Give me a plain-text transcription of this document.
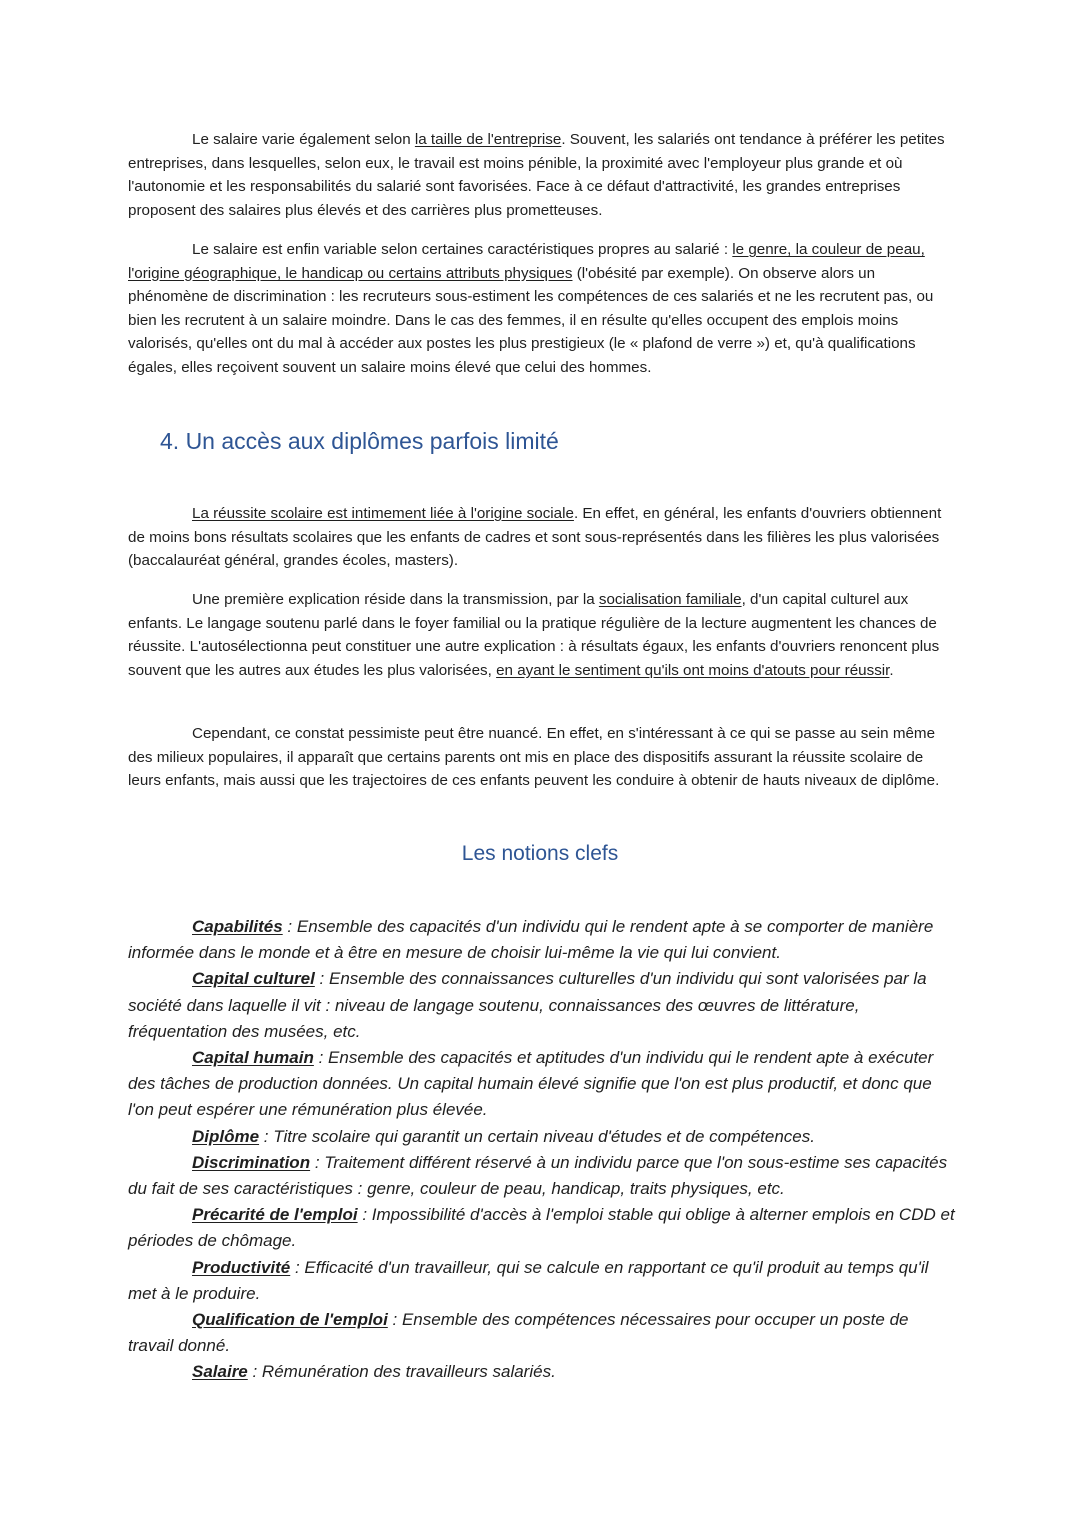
Le salaire varie également selon la taille de l'entreprise. Souvent, les salariés ont tendance à préférer les petites entreprises, dans lesquelles, selon eux, le travail est moins pénible, la proximité avec l'employeur plus grande et où l'autonomie et les responsabilités du salarié sont favorisées. Face à ce défaut d'attractivité, les grandes entreprises proposent des salaires plus élevés et des carrières plus prometteuses.

Le salaire est enfin variable selon certaines caractéristiques propres au salarié : le genre, la couleur de peau, l'origine géographique, le handicap ou certains attributs physiques (l'obésité par exemple). On observe alors un phénomène de discrimination : les recruteurs sous-estiment les compétences de ces salariés et ne les recrutent pas, ou bien les recrutent à un salaire moindre. Dans le cas des femmes, il en résulte qu'elles occupent des emplois moins valorisés, qu'elles ont du mal à accéder aux postes les plus prestigieux (le « plafond de verre ») et, qu'à qualifications égales, elles reçoivent souvent un salaire moins élevé que celui des hommes.

4. Un accès aux diplômes parfois limité

La réussite scolaire est intimement liée à l'origine sociale. En effet, en général, les enfants d'ouvriers obtiennent de moins bons résultats scolaires que les enfants de cadres et sont sous-représentés dans les filières les plus valorisées (baccalauréat général, grandes écoles, masters).

Une première explication réside dans la transmission, par la socialisation familiale, d'un capital culturel aux enfants. Le langage soutenu parlé dans le foyer familial ou la pratique régulière de la lecture augmentent les chances de réussite. L'autosélectionna peut constituer une autre explication : à résultats égaux, les enfants d'ouvriers renoncent plus souvent que les autres aux études les plus valorisées, en ayant le sentiment qu'ils ont moins d'atouts pour réussir.

Cependant, ce constat pessimiste peut être nuancé. En effet, en s'intéressant à ce qui se passe au sein même des milieux populaires, il apparaît que certains parents ont mis en place des dispositifs assurant la réussite scolaire de leurs enfants, mais aussi que les trajectoires de ces enfants peuvent les conduire à obtenir de hauts niveaux de diplôme.

Les notions clefs

Capabilités : Ensemble des capacités d'un individu qui le rendent apte à se comporter de manière informée dans le monde et à être en mesure de choisir lui-même la vie qui lui convient.

Capital culturel : Ensemble des connaissances culturelles d'un individu qui sont valorisées par la société dans laquelle il vit : niveau de langage soutenu, connaissances des œuvres de littérature, fréquentation des musées, etc.

Capital humain : Ensemble des capacités et aptitudes d'un individu qui le rendent apte à exécuter des tâches de production données. Un capital humain élevé signifie que l'on est plus productif, et donc que l'on peut espérer une rémunération plus élevée.

Diplôme : Titre scolaire qui garantit un certain niveau d'études et de compétences.

Discrimination : Traitement différent réservé à un individu parce que l'on sous-estime ses capacités du fait de ses caractéristiques : genre, couleur de peau, handicap, traits physiques, etc.

Précarité de l'emploi : Impossibilité d'accès à l'emploi stable qui oblige à alterner emplois en CDD et périodes de chômage.

Productivité : Efficacité d'un travailleur, qui se calcule en rapportant ce qu'il produit au temps qu'il met à le produire.

Qualification de l'emploi : Ensemble des compétences nécessaires pour occuper un poste de travail donné.

Salaire : Rémunération des travailleurs salariés.
